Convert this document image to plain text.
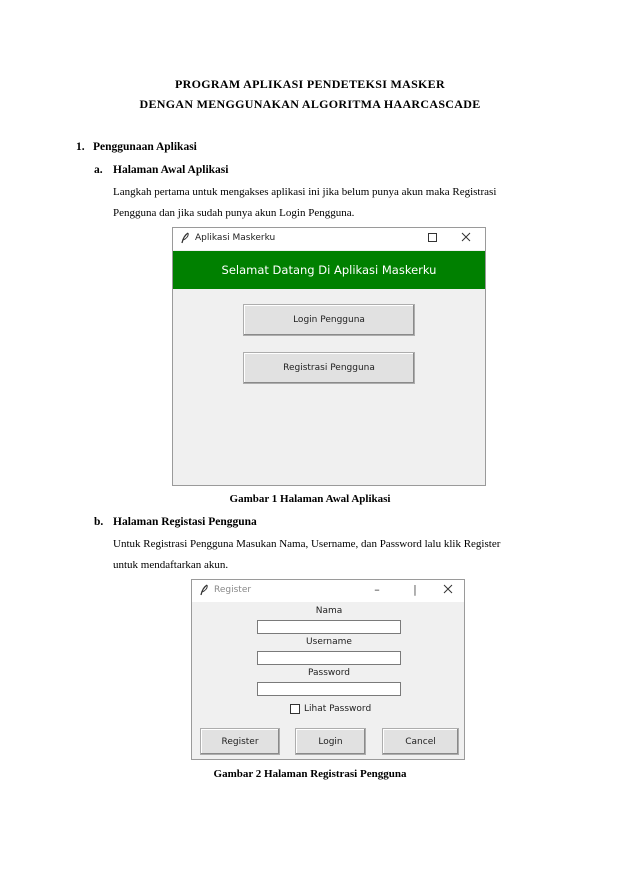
PROGRAM APLIKASI PENDETEKSI MASKER
DENGAN MENGGUNAKAN ALGORITMA HAARCASCADE
1. Penggunaan Aplikasi
a. Halaman Awal Aplikasi
Langkah pertama untuk mengakses aplikasi ini jika belum punya akun maka Registrasi
Pengguna dan jika sudah punya akun Login Pengguna.
Aplikasi Maskerku
Selamat Datang Di Aplikasi Maskerku
Login Pengguna
Registrasi Pengguna
Gambar 1 Halaman Awal Aplikasi
b. Halaman Registasi Pengguna
Untuk Registrasi Pengguna Masukan Nama, Username, dan Password lalu klik Register
untuk mendaftarkan akun.
Register	–	|
Nama
Username
Password
Lihat Password
Register	Login	Cancel
Gambar 2 Halaman Registrasi Pengguna
